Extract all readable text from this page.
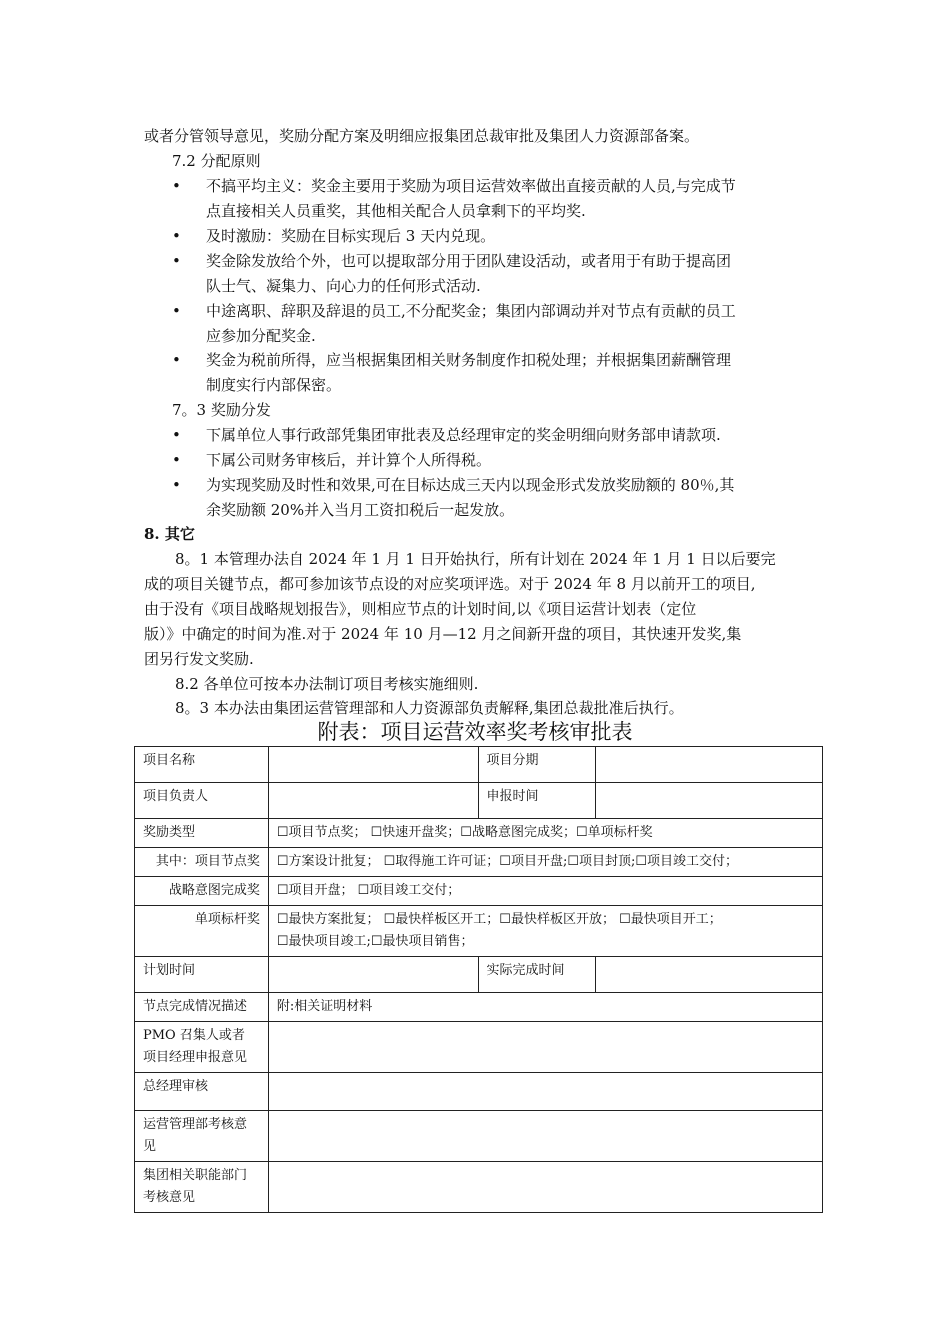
或者分管领导意见，奖励分配方案及明细应报集团总裁审批及集团人力资源部备案。
7.2 分配原则
• 不搞平均主义：奖金主要用于奖励为项目运营效率做出直接贡献的人员,与完成节
点直接相关人员重奖，其他相关配合人员拿剩下的平均奖.
• 及时激励：奖励在目标实现后 3 天内兑现。
• 奖金除发放给个外，也可以提取部分用于团队建设活动，或者用于有助于提高团
队士气、凝集力、向心力的任何形式活动.
• 中途离职、辞职及辞退的员工,不分配奖金；集团内部调动并对节点有贡献的员工
应参加分配奖金.
• 奖金为税前所得，应当根据集团相关财务制度作扣税处理；并根据集团薪酬管理
制度实行内部保密。
7。3 奖励分发
• 下属单位人事行政部凭集团审批表及总经理审定的奖金明细向财务部申请款项.
• 下属公司财务审核后，并计算个人所得税。
• 为实现奖励及时性和效果,可在目标达成三天内以现金形式发放奖励额的 80％,其
余奖励额 20%并入当月工资扣税后一起发放。
8. 其它
8。1 本管理办法自 2024 年 1 月 1 日开始执行，所有计划在 2024 年 1 月 1 日以后要完
成的项目关键节点，都可参加该节点设的对应奖项评选。对于 2024 年 8 月以前开工的项目,
由于没有《项目战略规划报告》，则相应节点的计划时间,以《项目运营计划表（定位
版）》中确定的时间为准.对于 2024 年 10 月—12 月之间新开盘的项目，其快速开发奖,集
团另行发文奖励.
8.2 各单位可按本办法制订项目考核实施细则.
8。3 本办法由集团运营管理部和人力资源部负责解释,集团总裁批准后执行。
附表：项目运营效率奖考核审批表
项目名称		项目分期	
项目负责人		申报时间	
奖励类型	☐项目节点奖； ☐快速开盘奖；☐战略意图完成奖；☐单项标杆奖		
其中：项目节点奖	☐方案设计批复； ☐取得施工许可证；☐项目开盘;☐项目封顶;☐项目竣工交付；		
战略意图完成奖	☐项目开盘； ☐项目竣工交付；		
单项标杆奖	☐最快方案批复； ☐最快样板区开工；☐最快样板区开放； ☐最快项目开工；
☐最快项目竣工;☐最快项目销售；		

计划时间		实际完成时间	
节点完成情况描述	附:相关证明材料		

PMO 召集人或者
项目经理申报意见			

总经理审核			

运营管理部考核意
见			

集团相关职能部门
考核意见			
